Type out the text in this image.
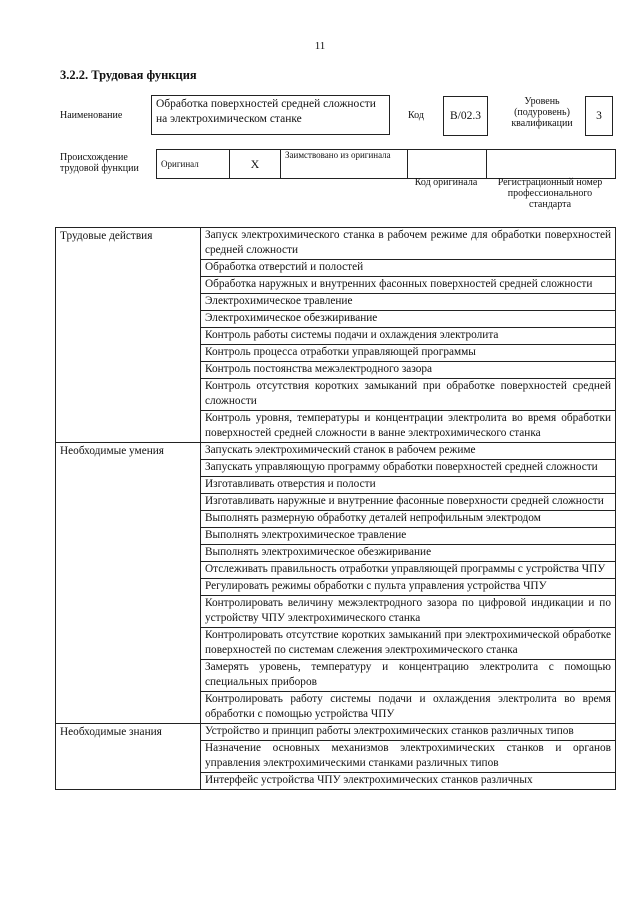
11
3.2.2. Трудовая функция
Наименование
Обработка поверхностей средней сложности на электрохимическом станке	Код	B/02.3
Уровень (подуровень) квалификации
3
Происхождение трудовой функции	Оригинал	X	Заимствовано из оригинала		
Код оригинала	Регистрационный номер профессионального стандарта
Трудовые действия	Запуск электрохимического станка в рабочем режиме для обработки поверхностей средней сложности
	Обработка отверстий и полостей
	Обработка наружных и внутренних фасонных поверхностей средней сложности
	Электрохимическое травление
	Электрохимическое обезжиривание
	Контроль работы системы подачи и охлаждения электролита
	Контроль процесса отработки управляющей программы
	Контроль постоянства межэлектродного зазора
	Контроль отсутствия коротких замыканий при обработке поверхностей средней сложности
	Контроль уровня, температуры и концентрации электролита во время обработки поверхностей средней сложности в ванне электрохимического станка
Необходимые умения	Запускать электрохимический станок в рабочем режиме
	Запускать управляющую программу обработки поверхностей средней сложности
	Изготавливать отверстия и полости
	Изготавливать наружные и внутренние фасонные поверхности средней сложности
	Выполнять размерную обработку деталей непрофильным электродом
	Выполнять электрохимическое травление
	Выполнять электрохимическое обезжиривание
	Отслеживать правильность отработки управляющей программы с устройства ЧПУ
	Регулировать режимы обработки с пульта управления устройства ЧПУ
	Контролировать величину межэлектродного зазора по цифровой индикации и по устройству ЧПУ электрохимического станка
	Контролировать отсутствие коротких замыканий при электрохимической обработке поверхностей по системам слежения электрохимического станка
	Замерять уровень, температуру и концентрацию электролита с помощью специальных приборов
	Контролировать работу системы подачи и охлаждения электролита во время обработки с помощью устройства ЧПУ
Необходимые знания	Устройство и принцип работы электрохимических станков различных типов
	Назначение основных механизмов электрохимических станков и органов управления электрохимическими станками различных типов
	Интерфейс устройства ЧПУ электрохимических станков различных
